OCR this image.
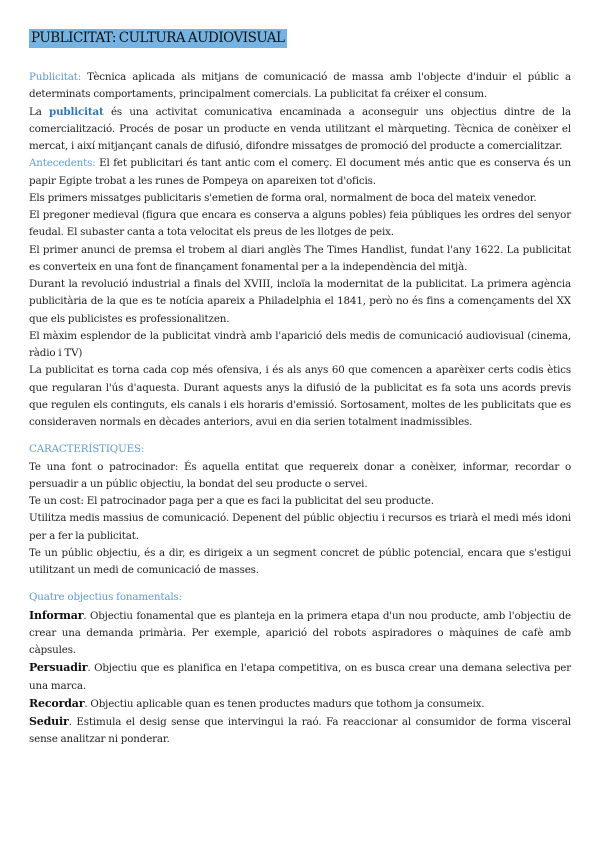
PUBLICITAT: CULTURA AUDIOVISUAL

Publicitat: Tècnica aplicada als mitjans de comunicació de massa amb l'objecte d'induir el públic a determinats comportaments, principalment comercials. La publicitat fa créixer el consum.

La publicitat és una activitat comunicativa encaminada a aconseguir uns objectius dintre de la comercialització. Procés de posar un producte en venda utilitzant el màrqueting. Tècnica de conèixer el mercat, i així mitjançant canals de difusió, difondre missatges de promoció del producte a comercialitzar.

Antecedents: El fet publicitari és tant antic com el comerç. El document més antic que es conserva és un papir Egipte trobat a les runes de Pompeya on apareixen tot d'oficis.

Els primers missatges publicitaris s'emetien de forma oral, normalment de boca del mateix venedor.

El pregoner medieval (figura que encara es conserva a alguns pobles) feia públiques les ordres del senyor feudal. El subaster canta a tota velocitat els preus de les llotges de peix.

El primer anunci de premsa el trobem al diari anglès The Times Handlist, fundat l'any 1622. La publicitat es converteix en una font de finançament fonamental per a la independència del mitjà.

Durant la revolució industrial a finals del XVIII, incloïa la modernitat de la publicitat. La primera agència publicitària de la que es te notícia apareix a Philadelphia el 1841, però no és fins a començaments del XX que els publicistes es professionalitzen.

El màxim esplendor de la publicitat vindrà amb l'aparició dels medis de comunicació audiovisual (cinema, ràdio i TV)

La publicitat es torna cada cop més ofensiva, i és als anys 60 que comencen a aparèixer certs codis ètics que regularan l'ús d'aquesta. Durant aquests anys la difusió de la publicitat es fa sota uns acords previs que regulen els continguts, els canals i els horaris d'emissió. Sortosament, moltes de les publicitats que es consideraven normals en dècades anteriors, avui en dia serien totalment inadmissibles.

CARACTERÍSTIQUES:

Te una font o patrocinador: És aquella entitat que requereix donar a conèixer, informar, recordar o persuadir a un públic objectiu, la bondat del seu producte o servei.

Te un cost: El patrocinador paga per a que es faci la publicitat del seu producte.

Utilitza medis massius de comunicació. Depenent del públic objectiu i recursos es triarà el medi més idoni per a fer la publicitat.

Te un públic objectiu, és a dir, es dirigeix a un segment concret de públic potencial, encara que s'estigui utilitzant un medi de comunicació de masses.

Quatre objectius fonamentals:

Informar. Objectiu fonamental que es planteja en la primera etapa d'un nou producte, amb l'objectiu de crear una demanda primària. Per exemple, aparició del robots aspiradores o màquines de cafè amb càpsules.

Persuadir. Objectiu que es planifica en l'etapa competitiva, on es busca crear una demana selectiva per una marca.

Recordar. Objectiu aplicable quan es tenen productes madurs que tothom ja consumeix.

Seduir. Estimula el desig sense que intervingui la raó. Fa reaccionar al consumidor de forma visceral sense analitzar ni ponderar.
